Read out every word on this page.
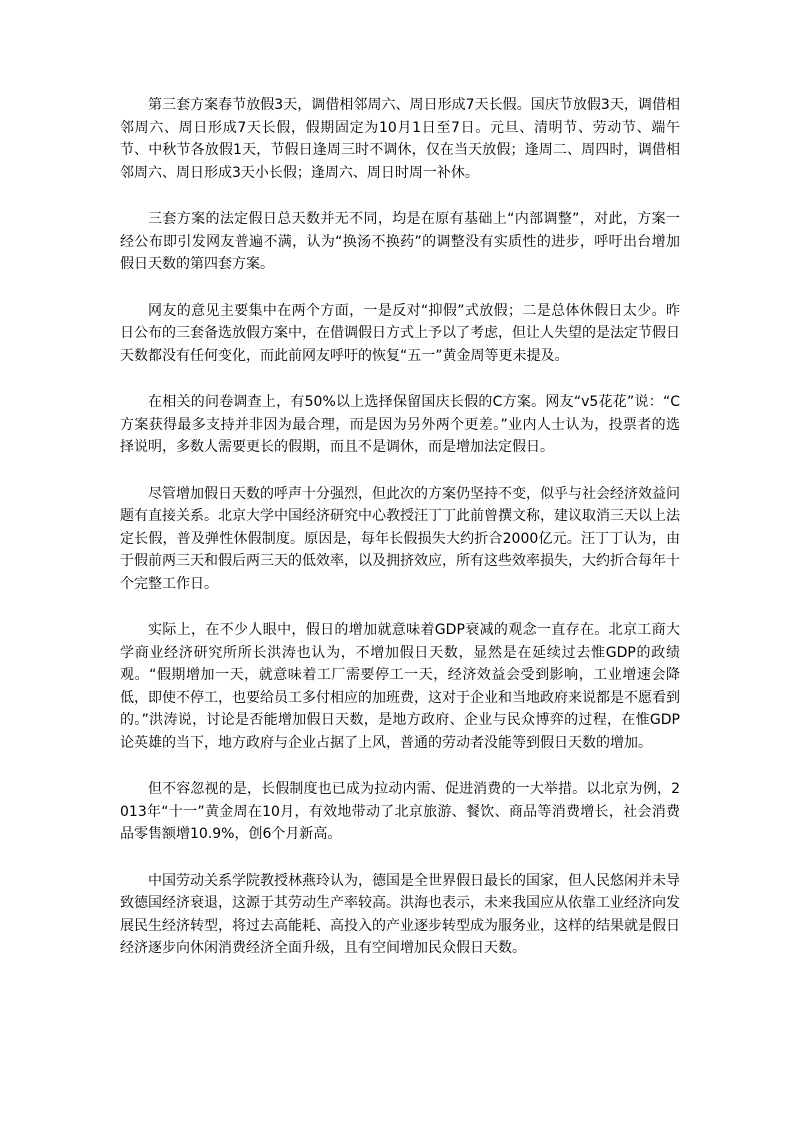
第三套方案春节放假3天，调借相邻周六、周日形成7天长假。国庆节放假3天，调借相邻周六、周日形成7天长假，假期固定为10月1日至7日。元旦、清明节、劳动节、端午节、中秋节各放假1天，节假日逢周三时不调休，仅在当天放假；逢周二、周四时，调借相邻周六、周日形成3天小长假；逢周六、周日时周一补休。

三套方案的法定假日总天数并无不同，均是在原有基础上“内部调整”，对此，方案一经公布即引发网友普遍不满，认为“换汤不换药”的调整没有实质性的进步，呼吁出台增加假日天数的第四套方案。

网友的意见主要集中在两个方面，一是反对“抑假”式放假；二是总体休假日太少。昨日公布的三套备选放假方案中，在借调假日方式上予以了考虑，但让人失望的是法定节假日天数都没有任何变化，而此前网友呼吁的恢复“五一”黄金周等更未提及。

在相关的问卷调查上，有50%以上选择保留国庆长假的C方案。网友“v5花花”说：“C方案获得最多支持并非因为最合理，而是因为另外两个更差。”业内人士认为，投票者的选择说明，多数人需要更长的假期，而且不是调休，而是增加法定假日。

尽管增加假日天数的呼声十分强烈，但此次的方案仍坚持不变，似乎与社会经济效益问题有直接关系。北京大学中国经济研究中心教授汪丁丁此前曾撰文称，建议取消三天以上法定长假，普及弹性休假制度。原因是，每年长假损失大约折合2000亿元。汪丁丁认为，由于假前两三天和假后两三天的低效率，以及拥挤效应，所有这些效率损失，大约折合每年十个完整工作日。

实际上，在不少人眼中，假日的增加就意味着GDP衰减的观念一直存在。北京工商大学商业经济研究所所长洪涛也认为，不增加假日天数，显然是在延续过去惟GDP的政绩观。“假期增加一天，就意味着工厂需要停工一天，经济效益会受到影响，工业增速会降低，即使不停工，也要给员工多付相应的加班费，这对于企业和当地政府来说都是不愿看到的。”洪涛说，讨论是否能增加假日天数，是地方政府、企业与民众博弈的过程，在惟GDP论英雄的当下，地方政府与企业占据了上风，普通的劳动者没能等到假日天数的增加。

但不容忽视的是，长假制度也已成为拉动内需、促进消费的一大举措。以北京为例，2013年“十一”黄金周在10月，有效地带动了北京旅游、餐饮、商品等消费增长，社会消费品零售额增10.9%，创6个月新高。

中国劳动关系学院教授林燕玲认为，德国是全世界假日最长的国家，但人民悠闲并未导致德国经济衰退，这源于其劳动生产率较高。洪海也表示，未来我国应从依靠工业经济向发展民生经济转型，将过去高能耗、高投入的产业逐步转型成为服务业，这样的结果就是假日经济逐步向休闲消费经济全面升级，且有空间增加民众假日天数。
